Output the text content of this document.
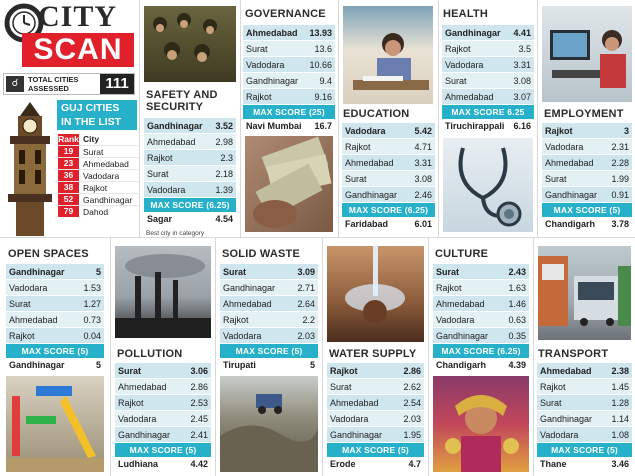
CITY
SCAN
☌	TOTAL CITIES
ASSESSED	111
GUJ CITIES
IN THE LIST
Rank City
19	Surat
23	Ahmedabad
36	Vadodara
38	Rajkot
52	Gandhinagar
79	Dahod
SAFETY AND
SECURITY
Gandhinagar 3.52
Ahmedabad 2.98
Rajkot	2.3
Surat	2.18
Vadodara	1.39
MAX SCORE (6.25)
Sagar	4.54
Best city in category
GOVERNANCE
Ahmedabad 13.93
Surat	13.6
Vadodara	10.66
Gandhinagar 9.4
Rajkot	9.16
MAX SCORE (25)
Navi Mumbai 16.7
EDUCATION
Vadodara	5.42
Rajkot	4.71
Ahmedabad 3.31
Surat	3.08
Gandhinagar 2.46
MAX SCORE (6.25)
Faridabad	6.01
HEALTH
Gandhinagar 4.41
Rajkot	3.5
Vadodara	3.31
Surat	3.08
Ahmedabad 3.07
MAX SCORE 6.25
Tiruchirappali 6.16
EMPLOYMENT
Rajkot	3
Vadodara	2.31
Ahmedabad 2.28
Surat	1.99
Gandhinagar 0.91
MAX SCORE (5)
Chandigarh 3.78
OPEN SPACES
Gandhinagar	5
Vadodara	1.53
Surat	1.27
Ahmedabad	0.73
Rajkot	0.04
MAX SCORE (5)
Gandhinagar	5
POLLUTION
Surat	3.06
Ahmedabad	2.86
Rajkot	2.53
Vadodara	2.45
Gandhinagar 2.41
MAX SCORE (5)
Ludhiana	4.42
SOLID WASTE
Surat	3.09
Gandhinagar 2.71
Ahmedabad	2.64
Rajkot	2.2
Vadodara	2.03
MAX SCORE (5)
Tirupati	5
WATER SUPPLY
Rajkot	2.86
Surat	2.62
Ahmedabad	2.54
Vadodara	2.03
Gandhinagar 1.95
MAX SCORE (5)
Erode	4.7
CULTURE
Surat	2.43
Rajkot	1.63
Ahmedabad	1.46
Vadodara	0.63
Gandhinagar 0.35
MAX SCORE (6.25)
Chandigarh 4.39
TRANSPORT
Ahmedabad 2.38
Rajkot	1.45
Surat	1.28
Gandhinagar 1.14
Vadodara	1.08
MAX SCORE (5)
Thane	3.46
